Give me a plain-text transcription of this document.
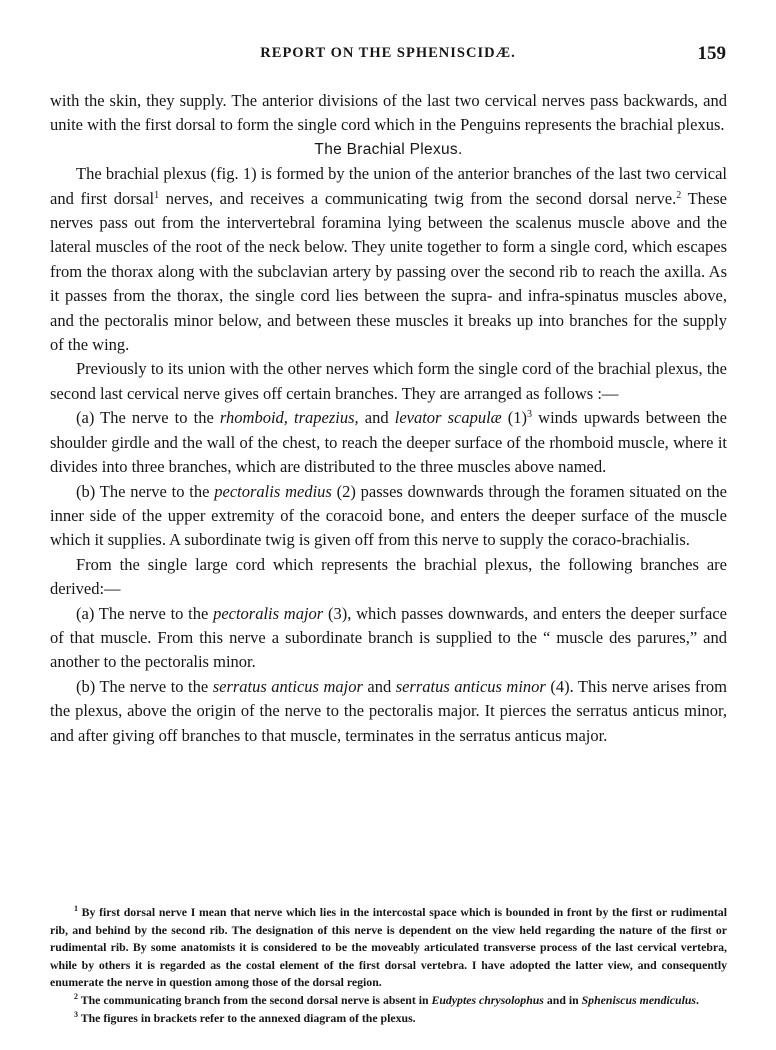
REPORT ON THE SPHENISCIDÆ.	159

with the skin, they supply. The anterior divisions of the last two cervical nerves pass backwards, and unite with the first dorsal to form the single cord which in the Penguins represents the brachial plexus.

The Brachial Plexus.

The brachial plexus (fig. 1) is formed by the union of the anterior branches of the last two cervical and first dorsal$^1$ nerves, and receives a communicating twig from the second dorsal nerve.$^2$ These nerves pass out from the intervertebral foramina lying between the scalenus muscle above and the lateral muscles of the root of the neck below. They unite together to form a single cord, which escapes from the thorax along with the subclavian artery by passing over the second rib to reach the axilla. As it passes from the thorax, the single cord lies between the supra- and infra-spinatus muscles above, and the pectoralis minor below, and between these muscles it breaks up into branches for the supply of the wing.

Previously to its union with the other nerves which form the single cord of the brachial plexus, the second last cervical nerve gives off certain branches. They are arranged as follows :—

(a) The nerve to the rhomboid, trapezius, and levator scapulæ $(1)^3$ winds upwards between the shoulder girdle and the wall of the chest, to reach the deeper surface of the rhomboid muscle, where it divides into three branches, which are distributed to the three muscles above named.

(b) The nerve to the pectoralis medius (2) passes downwards through the foramen situated on the inner side of the upper extremity of the coracoid bone, and enters the deeper surface of the muscle which it supplies. A subordinate twig is given off from this nerve to supply the coraco-brachialis.

From the single large cord which represents the brachial plexus, the following branches are derived:—

(a) The nerve to the pectoralis major (3), which passes downwards, and enters the deeper surface of that muscle. From this nerve a subordinate branch is supplied to the “ muscle des parures,” and another to the pectoralis minor.

(b) The nerve to the serratus anticus major and serratus anticus minor (4). This nerve arises from the plexus, above the origin of the nerve to the pectoralis major. It pierces the serratus anticus minor, and after giving off branches to that muscle, terminates in the serratus anticus major.

$^1$ By first dorsal nerve I mean that nerve which lies in the intercostal space which is bounded in front by the first or rudimental rib, and behind by the second rib. The designation of this nerve is dependent on the view held regarding the nature of the first or rudimental rib. By some anatomists it is considered to be the moveably articulated transverse process of the last cervical vertebra, while by others it is regarded as the costal element of the first dorsal vertebra. I have adopted the latter view, and consequently enumerate the nerve in question among those of the dorsal region.

$^2$ The communicating branch from the second dorsal nerve is absent in Eudyptes chrysolophus and in Spheniscus mendiculus.

$^3$ The figures in brackets refer to the annexed diagram of the plexus.
